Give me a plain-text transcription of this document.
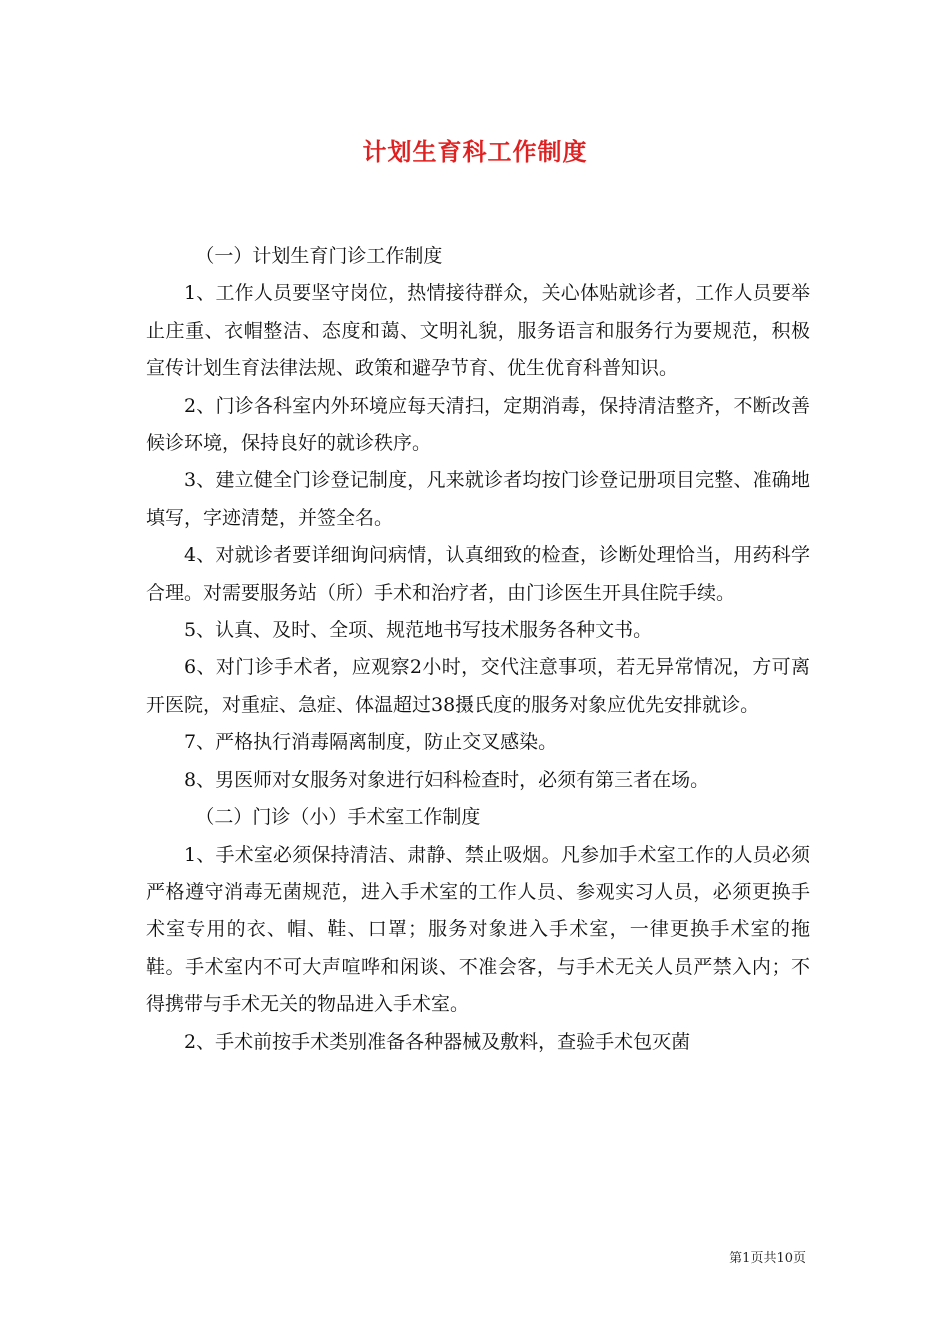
计划生育科工作制度

（一）计划生育门诊工作制度

1、工作人员要坚守岗位，热情接待群众，关心体贴就诊者，工作人员要举止庄重、衣帽整洁、态度和蔼、文明礼貌，服务语言和服务行为要规范，积极宣传计划生育法律法规、政策和避孕节育、优生优育科普知识。

2、门诊各科室内外环境应每天清扫，定期消毒，保持清洁整齐，不断改善候诊环境，保持良好的就诊秩序。

3、建立健全门诊登记制度，凡来就诊者均按门诊登记册项目完整、准确地填写，字迹清楚，并签全名。

4、对就诊者要详细询问病情，认真细致的检查，诊断处理恰当，用药科学合理。对需要服务站（所）手术和治疗者，由门诊医生开具住院手续。

5、认真、及时、全项、规范地书写技术服务各种文书。

6、对门诊手术者，应观察2小时，交代注意事项，若无异常情况，方可离开医院，对重症、急症、体温超过38摄氏度的服务对象应优先安排就诊。

7、严格执行消毒隔离制度，防止交叉感染。

8、男医师对女服务对象进行妇科检查时，必须有第三者在场。

（二）门诊（小）手术室工作制度

1、手术室必须保持清洁、肃静、禁止吸烟。凡参加手术室工作的人员必须严格遵守消毒无菌规范，进入手术室的工作人员、参观实习人员，必须更换手术室专用的衣、帽、鞋、口罩；服务对象进入手术室，一律更换手术室的拖鞋。手术室内不可大声喧哗和闲谈、不准会客，与手术无关人员严禁入内；不得携带与手术无关的物品进入手术室。

2、手术前按手术类别准备各种器械及敷料，查验手术包灭菌

第1页共10页
